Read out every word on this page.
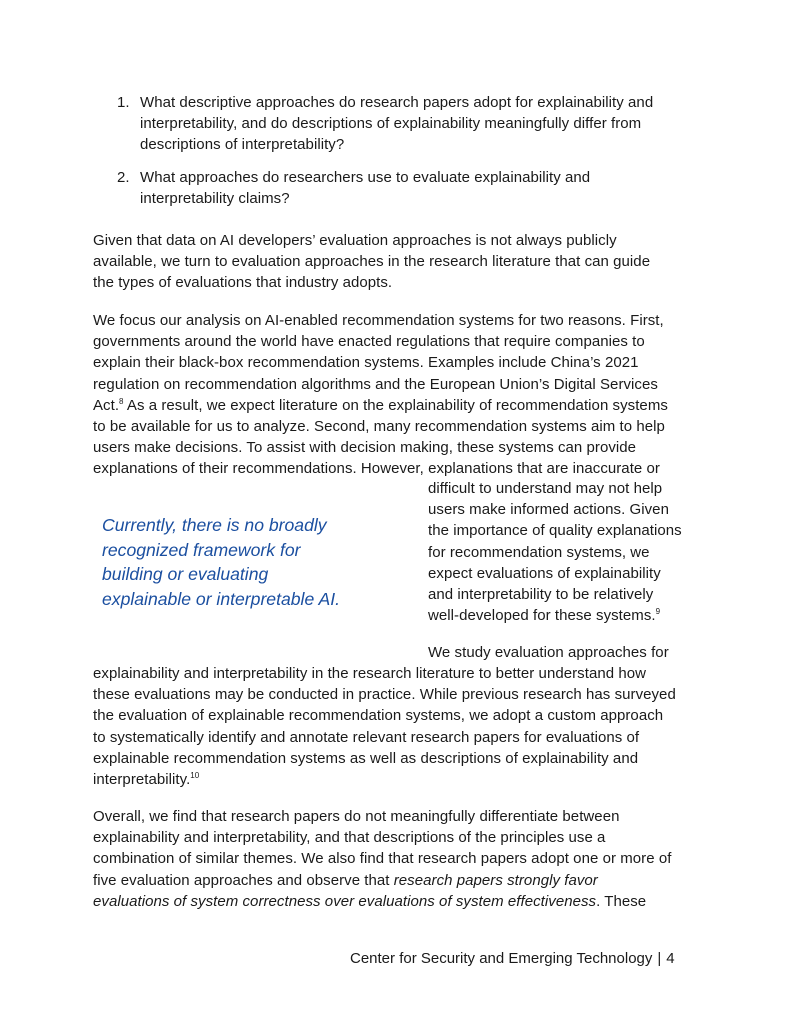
1. What descriptive approaches do research papers adopt for explainability and
interpretability, and do descriptions of explainability meaningfully differ from
descriptions of interpretability?
2. What approaches do researchers use to evaluate explainability and
interpretability claims?

Given that data on AI developers’ evaluation approaches is not always publicly
available, we turn to evaluation approaches in the research literature that can guide
the types of evaluations that industry adopts.

We focus our analysis on AI-enabled recommendation systems for two reasons. First,
governments around the world have enacted regulations that require companies to
explain their black-box recommendation systems. Examples include China’s 2021
regulation on recommendation algorithms and the European Union’s Digital Services
Act.$^8$ As a result, we expect literature on the explainability of recommendation systems
to be available for us to analyze. Second, many recommendation systems aim to help
users make decisions. To assist with decision making, these systems can provide
explanations of their recommendations. However, explanations that are inaccurate or

difficult to understand may not help
users make informed actions. Given
the importance of quality explanations
for recommendation systems, we
expect evaluations of explainability
and interpretability to be relatively
well-developed for these systems.$^9$

Currently, there is no broadly
recognized framework for
building or evaluating
explainable or interpretable AI.

We study evaluation approaches for

explainability and interpretability in the research literature to better understand how
these evaluations may be conducted in practice. While previous research has surveyed
the evaluation of explainable recommendation systems, we adopt a custom approach
to systematically identify and annotate relevant research papers for evaluations of
explainable recommendation systems as well as descriptions of explainability and
interpretability.$^{10}$

Overall, we find that research papers do not meaningfully differentiate between
explainability and interpretability, and that descriptions of the principles use a
combination of similar themes. We also find that research papers adopt one or more of
five evaluation approaches and observe that research papers strongly favor
evaluations of system correctness over evaluations of system effectiveness. These

Center for Security and Emerging Technology | 4
